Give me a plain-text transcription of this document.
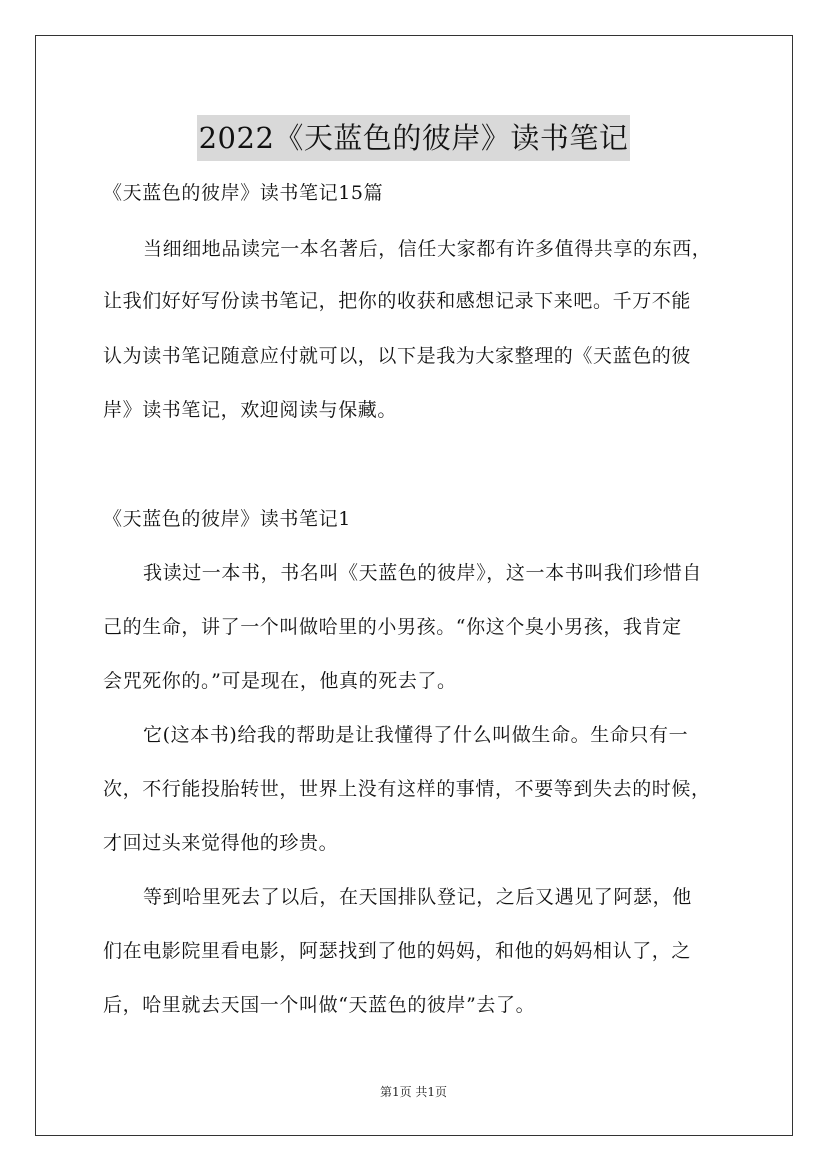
2022《天蓝色的彼岸》读书笔记
《天蓝色的彼岸》读书笔记15篇
当细细地品读完一本名著后，信任大家都有许多值得共享的东西，
让我们好好写份读书笔记，把你的收获和感想记录下来吧。千万不能
认为读书笔记随意应付就可以，以下是我为大家整理的《天蓝色的彼
岸》读书笔记，欢迎阅读与保藏。
《天蓝色的彼岸》读书笔记1
我读过一本书，书名叫《天蓝色的彼岸》，这一本书叫我们珍惜自
己的生命，讲了一个叫做哈里的小男孩。“你这个臭小男孩，我肯定
会咒死你的。”可是现在，他真的死去了。
它(这本书)给我的帮助是让我懂得了什么叫做生命。生命只有一
次，不行能投胎转世，世界上没有这样的事情，不要等到失去的时候，
才回过头来觉得他的珍贵。
等到哈里死去了以后，在天国排队登记，之后又遇见了阿瑟，他
们在电影院里看电影，阿瑟找到了他的妈妈，和他的妈妈相认了，之
后，哈里就去天国一个叫做“天蓝色的彼岸”去了。
第1页 共1页
